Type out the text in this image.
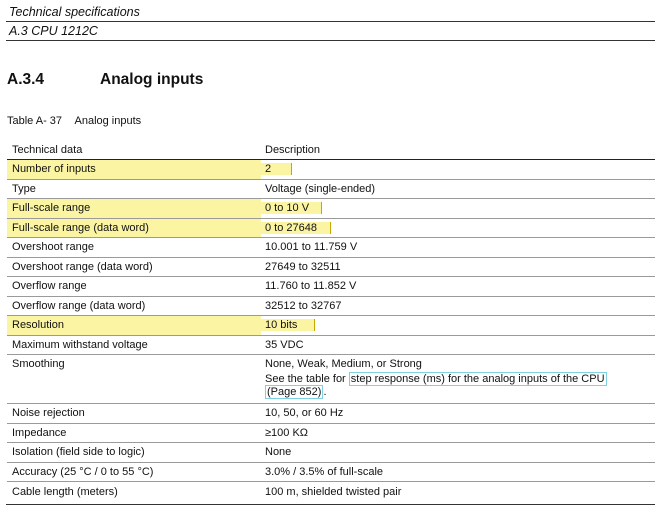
Technical specifications
A.3 CPU 1212C
A.3.4	Analog inputs
Table A- 37 Analog inputs
Technical data	Description
Number of inputs	2
Type	Voltage (single-ended)
Full-scale range	0 to 10 V
Full-scale range (data word)	0 to 27648
Overshoot range	10.001 to 11.759 V
Overshoot range (data word)	27649 to 32511
Overflow range	11.760 to 11.852 V
Overflow range (data word)	32512 to 32767
Resolution	10 bits
Maximum withstand voltage	35 VDC
Smoothing	None, Weak, Medium, or Strong
See the table for step response (ms) for the analog inputs of the CPU
(Page 852) .

Noise rejection	10, 50, or 60 Hz
Impedance	≥100 KΩ
Isolation (field side to logic)	None
Accuracy (25 °C / 0 to 55 °C)	3.0% / 3.5% of full-scale
Cable length (meters)	100 m, shielded twisted pair
